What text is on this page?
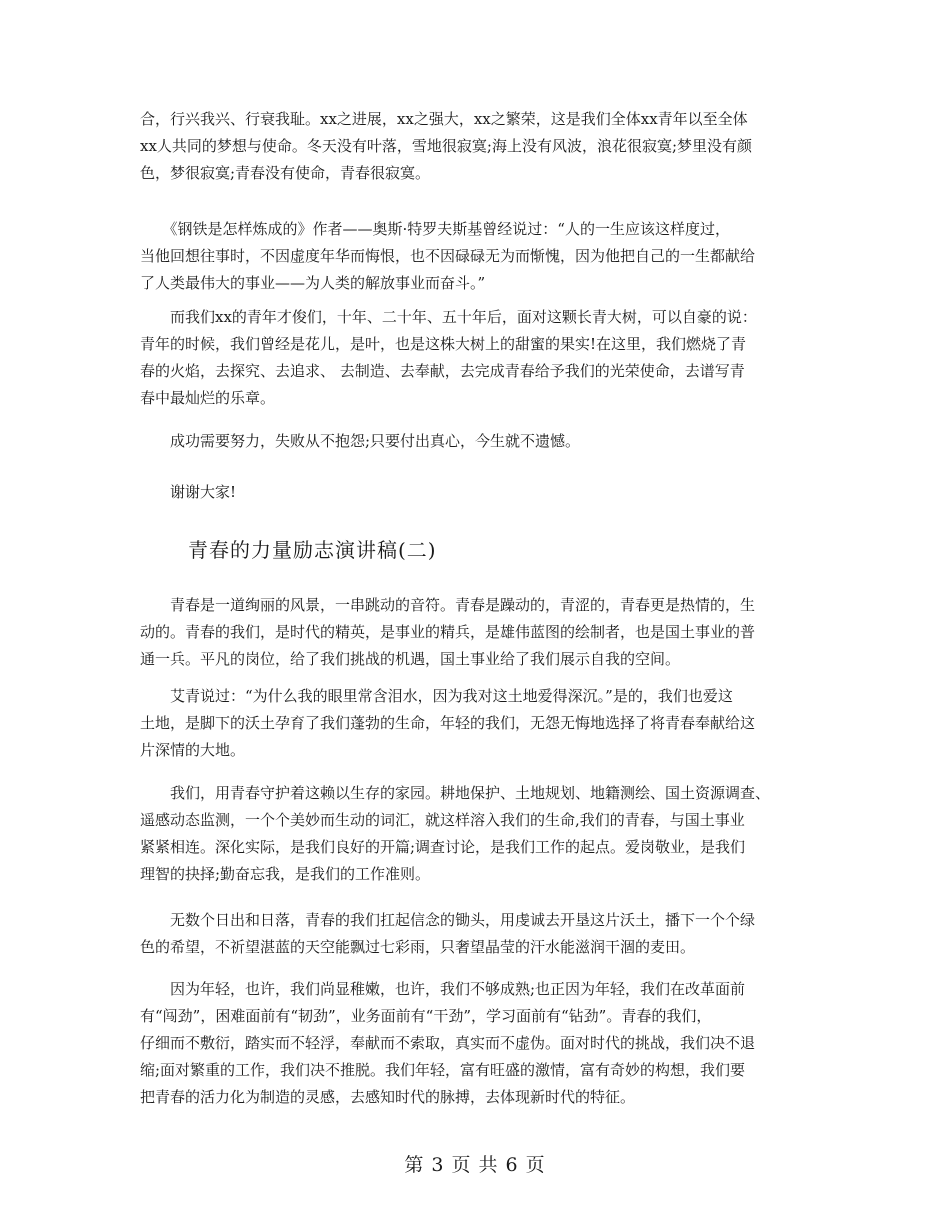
合，行兴我兴、行衰我耻。xx之进展，xx之强大，xx之繁荣，这是我们全体xx青年以至全体
xx人共同的梦想与使命。冬天没有叶落，雪地很寂寞;海上没有风波，浪花很寂寞;梦里没有颜
色，梦很寂寞;青春没有使命，青春很寂寞。
　　《钢铁是怎样炼成的》作者——奥斯·特罗夫斯基曾经说过：“人的一生应该这样度过，
当他回想往事时，不因虚度年华而悔恨，也不因碌碌无为而惭愧，因为他把自己的一生都献给
了人类最伟大的事业——为人类的解放事业而奋斗。”
　　而我们xx的青年才俊们，十年、二十年、五十年后，面对这颗长青大树，可以自豪的说：
青年的时候，我们曾经是花儿，是叶，也是这株大树上的甜蜜的果实!在这里，我们燃烧了青
春的火焰，去探究、去追求、 去制造、去奉献，去完成青春给予我们的光荣使命，去谱写青
春中最灿烂的乐章。
　　成功需要努力，失败从不抱怨;只要付出真心，今生就不遗憾。
　　谢谢大家!
青春的力量励志演讲稿(二)
　　青春是一道绚丽的风景，一串跳动的音符。青春是躁动的，青涩的，青春更是热情的，生
动的。青春的我们，是时代的精英，是事业的精兵，是雄伟蓝图的绘制者，也是国土事业的普
通一兵。平凡的岗位，给了我们挑战的机遇，国土事业给了我们展示自我的空间。
　　艾青说过：“为什么我的眼里常含泪水，因为我对这土地爱得深沉。”是的，我们也爱这
土地，是脚下的沃土孕育了我们蓬勃的生命，年轻的我们，无怨无悔地选择了将青春奉献给这
片深情的大地。
　　我们，用青春守护着这赖以生存的家园。耕地保护、土地规划、地籍测绘、国土资源调查、
遥感动态监测，一个个美妙而生动的词汇，就这样溶入我们的生命,我们的青春，与国土事业
紧紧相连。深化实际，是我们良好的开篇;调查讨论，是我们工作的起点。爱岗敬业，是我们
理智的抉择;勤奋忘我，是我们的工作准则。
　　无数个日出和日落，青春的我们扛起信念的锄头，用虔诚去开垦这片沃土，播下一个个绿
色的希望，不祈望湛蓝的天空能飘过七彩雨，只奢望晶莹的汗水能滋润干涸的麦田。
　　因为年轻，也许，我们尚显稚嫩，也许，我们不够成熟;也正因为年轻，我们在改革面前
有“闯劲”，困难面前有“韧劲”，业务面前有“干劲”，学习面前有“钻劲”。青春的我们，
仔细而不敷衍，踏实而不轻浮，奉献而不索取，真实而不虚伪。面对时代的挑战，我们决不退
缩;面对繁重的工作，我们决不推脱。我们年轻，富有旺盛的激情，富有奇妙的构想，我们要
把青春的活力化为制造的灵感，去感知时代的脉搏，去体现新时代的特征。
第 3 页 共 6 页
